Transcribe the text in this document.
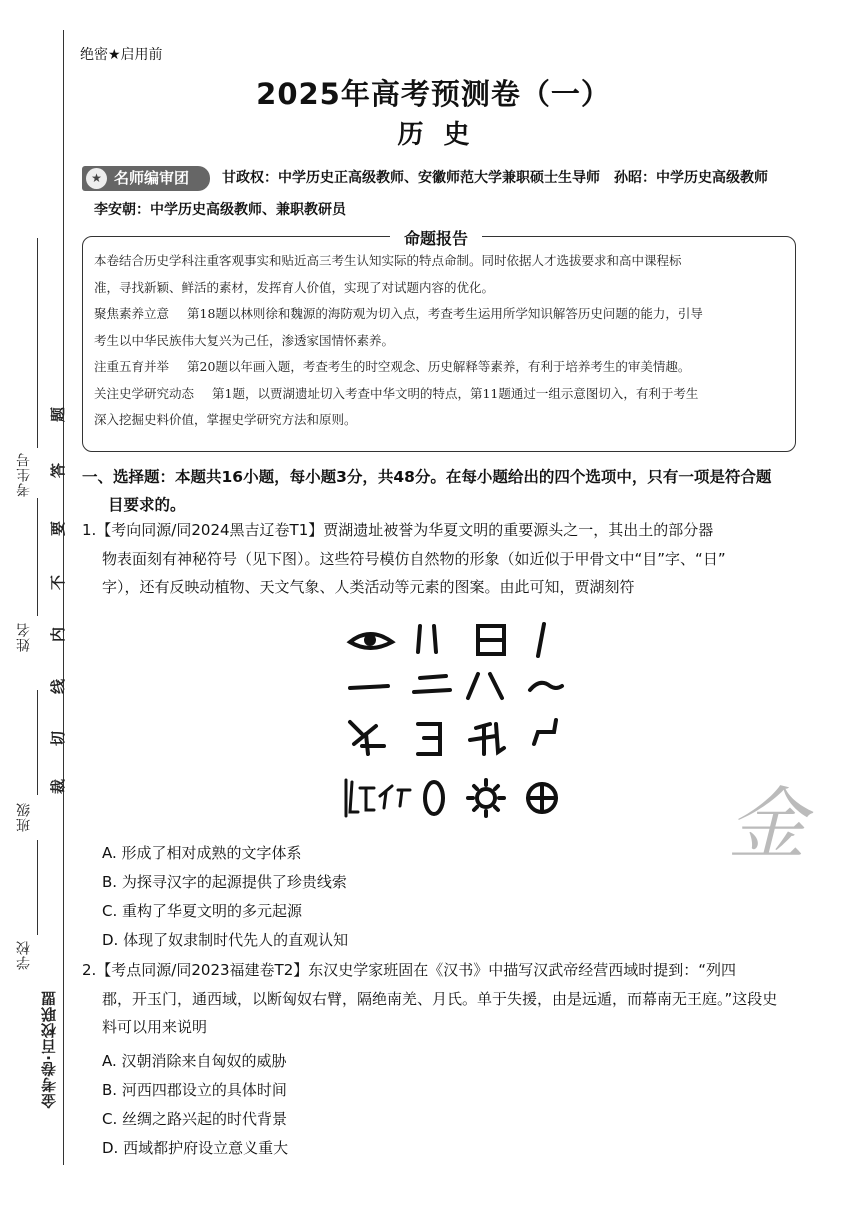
考生号
姓名
班级
学校
金考卷·百校联盟
题
答
要
不
内
线
切
裁
绝密★启用前
2025年高考预测卷（一）
历史
★ 名师编审团	甘政权：中学历史正高级教师、安徽师范大学兼职硕士生导师　孙昭：中学历史高级教师
李安朝：中学历史高级教师、兼职教研员
命题报告

本卷结合历史学科注重客观事实和贴近高三考生认知实际的特点命制。同时依据人才选拔要求和高中课程标

准，寻找新颖、鲜活的素材，发挥育人价值，实现了对试题内容的优化。

聚焦素养立意 第18题以林则徐和魏源的海防观为切入点，考查考生运用所学知识解答历史问题的能力，引导

考生以中华民族伟大复兴为己任，渗透家国情怀素养。

注重五育并举 第20题以年画入题，考查考生的时空观念、历史解释等素养，有利于培养考生的审美情趣。

关注史学研究动态 第1题，以贾湖遗址切入考查中华文明的特点，第11题通过一组示意图切入，有利于考生

深入挖掘史料价值，掌握史学研究方法和原则。

一、选择题：本题共16小题，每小题3分，共48分。在每小题给出的四个选项中，只有一项是符合题
目要求的。
1.【考向同源/同2024黑吉辽卷T1】贾湖遗址被誉为华夏文明的重要源头之一，其出土的部分器
物表面刻有神秘符号（见下图）。这些符号模仿自然物的形象（如近似于甲骨文中“目”字、“日”
字），还有反映动植物、天文气象、人类活动等元素的图案。由此可知，贾湖刻符
金
A. 形成了相对成熟的文字体系
B. 为探寻汉字的起源提供了珍贵线索
C. 重构了华夏文明的多元起源
D. 体现了奴隶制时代先人的直观认知
2.【考点同源/同2023福建卷T2】东汉史学家班固在《汉书》中描写汉武帝经营西域时提到：“列四
郡，开玉门，通西域，以断匈奴右臂，隔绝南羌、月氏。单于失援，由是远遁，而幕南无王庭。”这段史
料可以用来说明
A. 汉朝消除来自匈奴的威胁
B. 河西四郡设立的具体时间
C. 丝绸之路兴起的时代背景
D. 西域都护府设立意义重大
